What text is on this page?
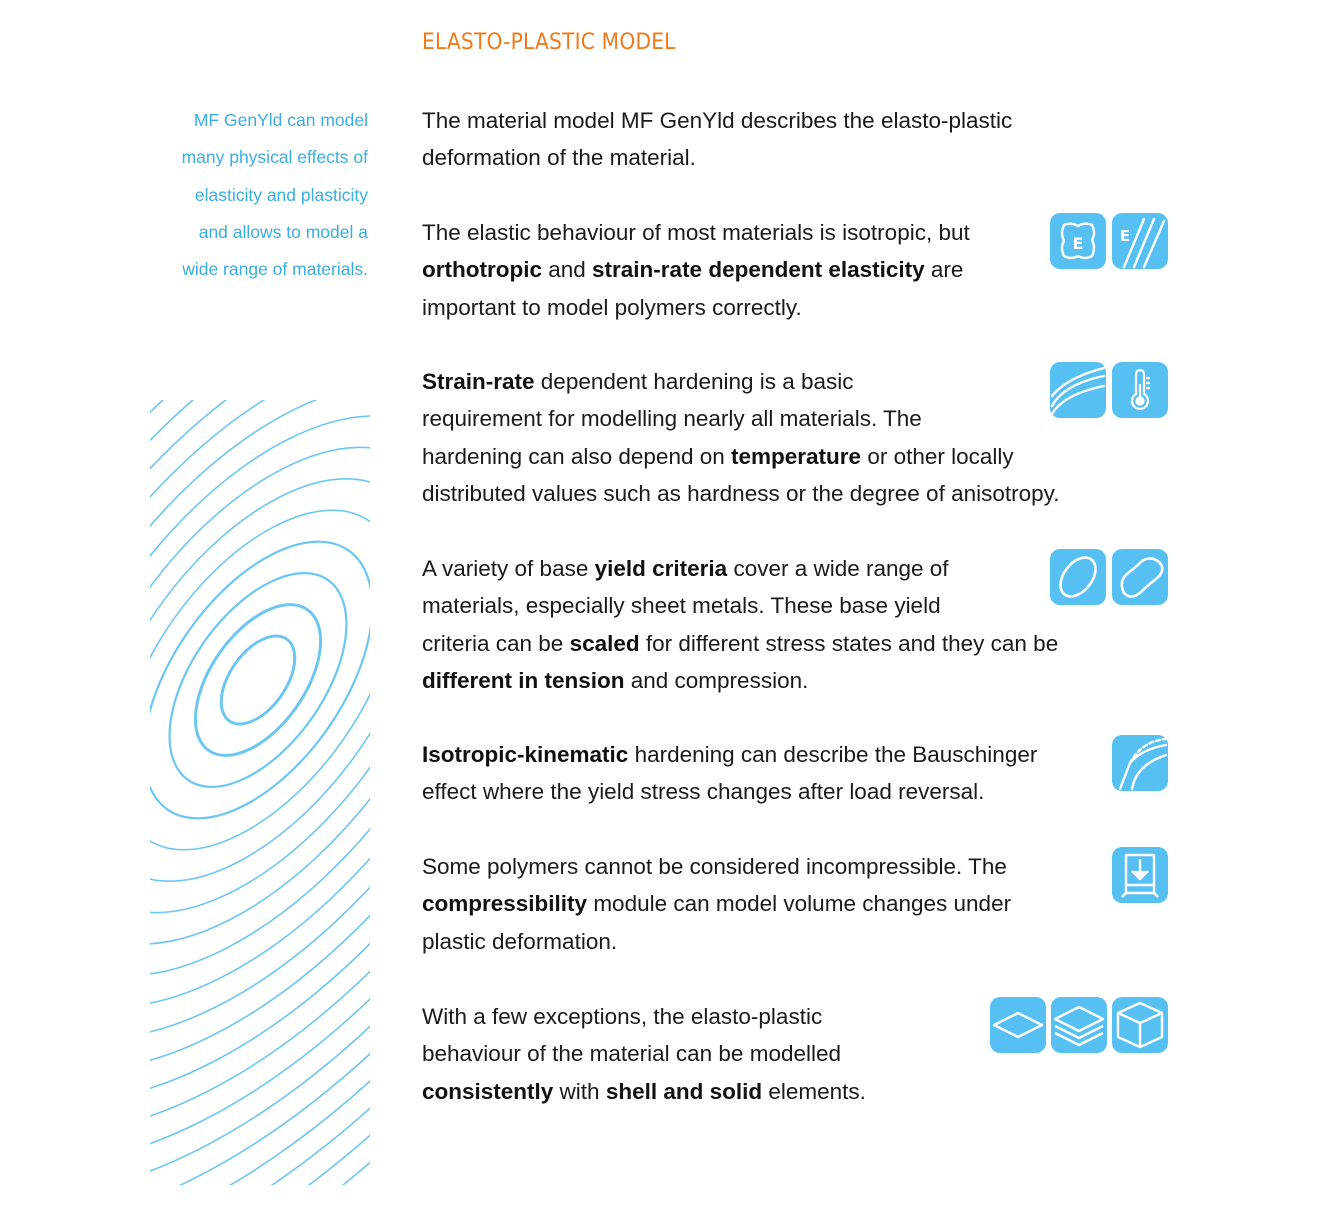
ELASTO-PLASTIC MODEL
MF GenYld can model
many physical effects of
elasticity and plasticity
and allows to model a
wide range of materials.
The material model MF GenYld describes the elasto-plastic
deformation of the material.
The elastic behaviour of most materials is isotropic, but
orthotropic and strain-rate dependent elasticity are
important to model polymers correctly.
Strain-rate dependent hardening is a basic
requirement for modelling nearly all materials. The
hardening can also depend on temperature or other locally
distributed values such as hardness or the degree of anisotropy.
A variety of base yield criteria cover a wide range of
materials, especially sheet metals. These base yield
criteria can be scaled for different stress states and they can be
different in tension and compression.
Isotropic-kinematic hardening can describe the Bauschinger
effect where the yield stress changes after load reversal.
Some polymers cannot be considered incompressible. The
compressibility module can model volume changes under
plastic deformation.
With a few exceptions, the elasto-plastic
behaviour of the material can be modelled
consistently with shell and solid elements.
E E
